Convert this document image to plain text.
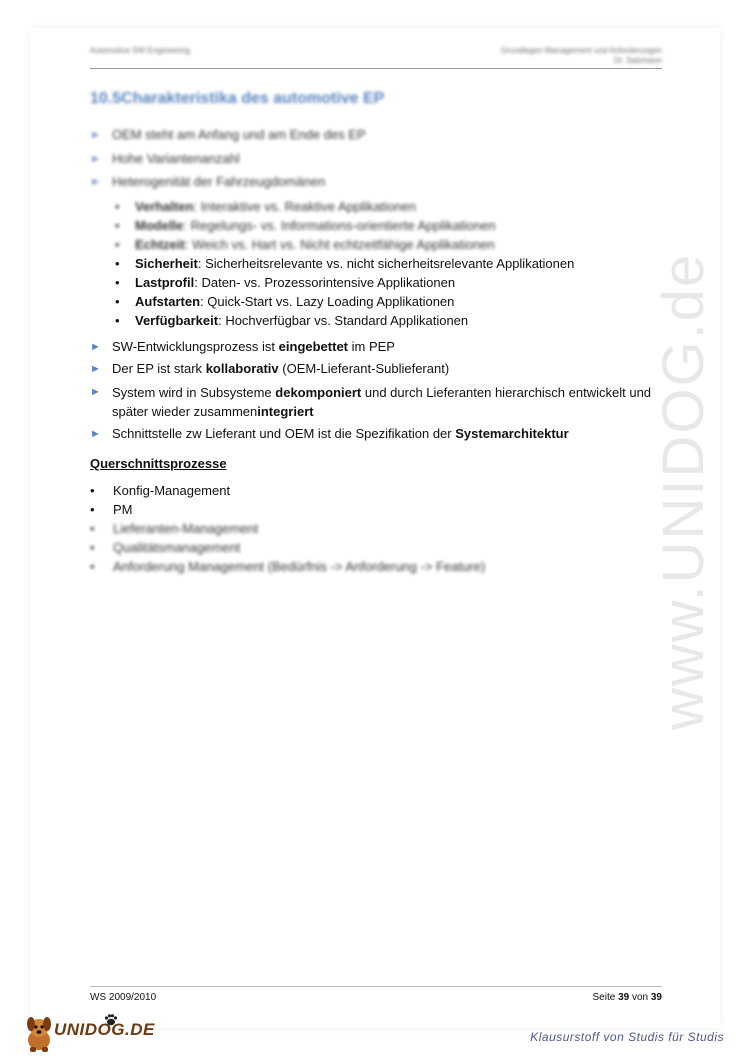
www.UNIDOG.de
Automotive SW Engineering	Grundlagen Management und Anforderungen
Dr. Salzmann
10.5Charakteristika des automotive EP
► OEM steht am Anfang und am Ende des EP
► Hohe Variantenanzahl
► Heterogenität der Fahrzeugdomänen
• Verhalten: Interaktive vs. Reaktive Applikationen
• Modelle: Regelungs- vs. Informations-orientierte Applikationen
• Echtzeit: Weich vs. Hart vs. Nicht echtzeitfähige Applikationen
• Sicherheit: Sicherheitsrelevante vs. nicht sicherheitsrelevante Applikationen
• Lastprofil: Daten- vs. Prozessorintensive Applikationen
• Aufstarten: Quick-Start vs. Lazy Loading Applikationen
• Verfügbarkeit: Hochverfügbar vs. Standard Applikationen
► SW-Entwicklungsprozess ist eingebettet im PEP
► Der EP ist stark kollaborativ (OEM-Lieferant-Sublieferant)
► System wird in Subsysteme dekomponiert und durch Lieferanten hierarchisch entwickelt und später wieder zusammenintegriert
► Schnittstelle zw Lieferant und OEM ist die Spezifikation der Systemarchitektur
Querschnittsprozesse
• Konfig-Management
• PM
• Lieferanten-Management
• Qualitätsmanagement
• Anforderung Management (Bedürfnis -> Anforderung -> Feature)
WS 2009/2010	Seite 39 von 39
UNIDOG.DE	Klausurstoff von Studis für Studis
